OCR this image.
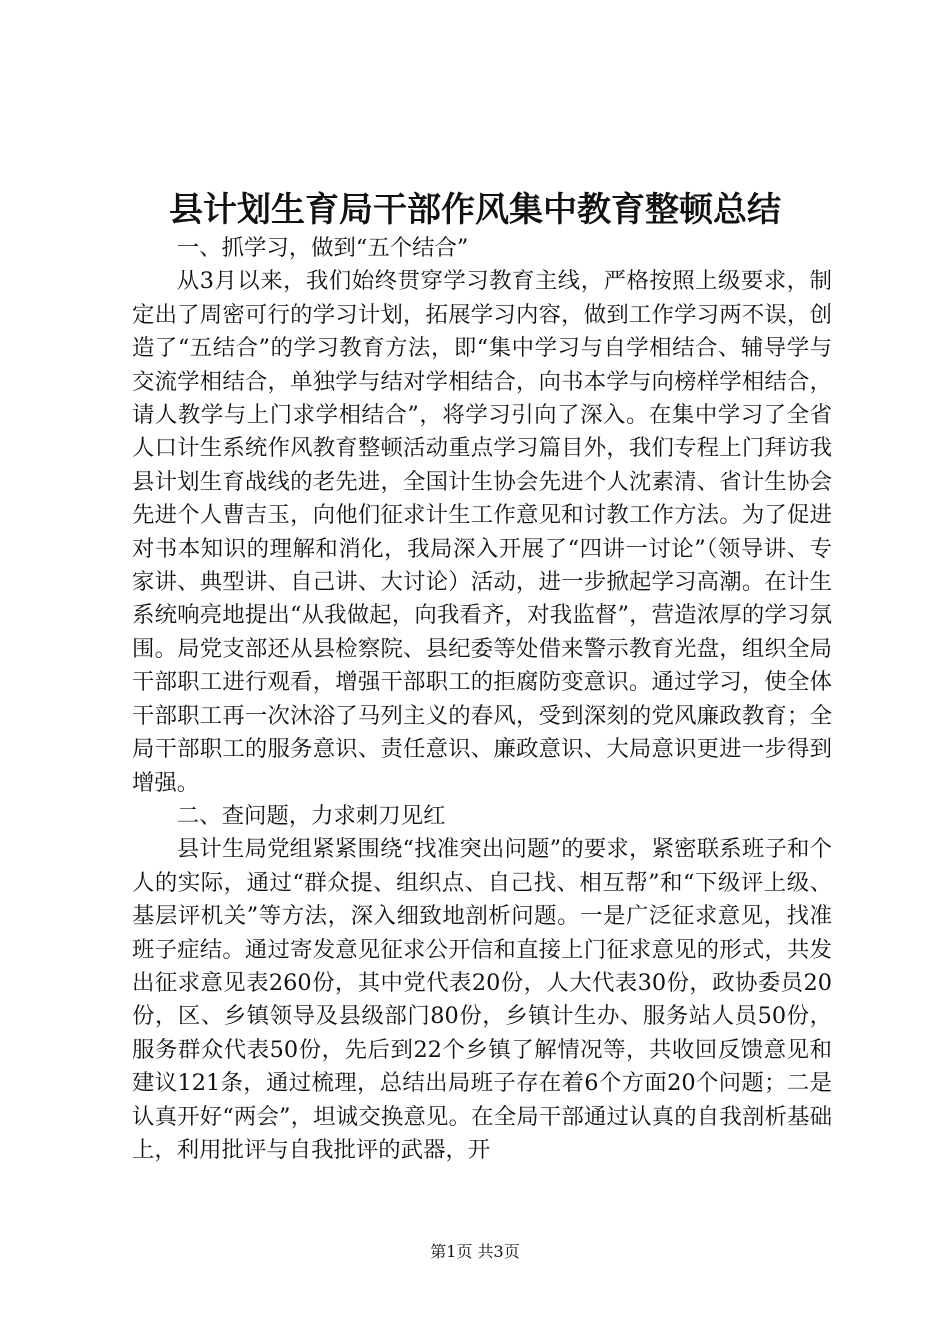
县计划生育局干部作风集中教育整顿总结

一、抓学习，做到“五个结合”

从3月以来，我们始终贯穿学习教育主线，严格按照上级要求，制定出了周密可行的学习计划，拓展学习内容，做到工作学习两不误，创造了“五结合”的学习教育方法，即“集中学习与自学相结合、辅导学与交流学相结合，单独学与结对学相结合，向书本学与向榜样学相结合，请人教学与上门求学相结合”，将学习引向了深入。在集中学习了全省人口计生系统作风教育整顿活动重点学习篇目外，我们专程上门拜访我县计划生育战线的老先进，全国计生协会先进个人沈素清、省计生协会先进个人曹吉玉，向他们征求计生工作意见和讨教工作方法。为了促进对书本知识的理解和消化，我局深入开展了“四讲一讨论”（领导讲、专家讲、典型讲、自己讲、大讨论）活动，进一步掀起学习高潮。在计生系统响亮地提出“从我做起，向我看齐，对我监督”，营造浓厚的学习氛围。局党支部还从县检察院、县纪委等处借来警示教育光盘，组织全局干部职工进行观看，增强干部职工的拒腐防变意识。通过学习，使全体干部职工再一次沐浴了马列主义的春风，受到深刻的党风廉政教育；全局干部职工的服务意识、责任意识、廉政意识、大局意识更进一步得到增强。

二、查问题，力求刺刀见红

县计生局党组紧紧围绕“找准突出问题”的要求，紧密联系班子和个人的实际，通过“群众提、组织点、自己找、相互帮”和“下级评上级、基层评机关”等方法，深入细致地剖析问题。一是广泛征求意见，找准班子症结。通过寄发意见征求公开信和直接上门征求意见的形式，共发出征求意见表260份，其中党代表20份，人大代表30份，政协委员20份，区、乡镇领导及县级部门80份，乡镇计生办、服务站人员50份，服务群众代表50份，先后到22个乡镇了解情况等，共收回反馈意见和建议121条，通过梳理，总结出局班子存在着6个方面20个问题；二是认真开好“两会”，坦诚交换意见。在全局干部通过认真的自我剖析基础上，利用批评与自我批评的武器，开

第1页 共3页
